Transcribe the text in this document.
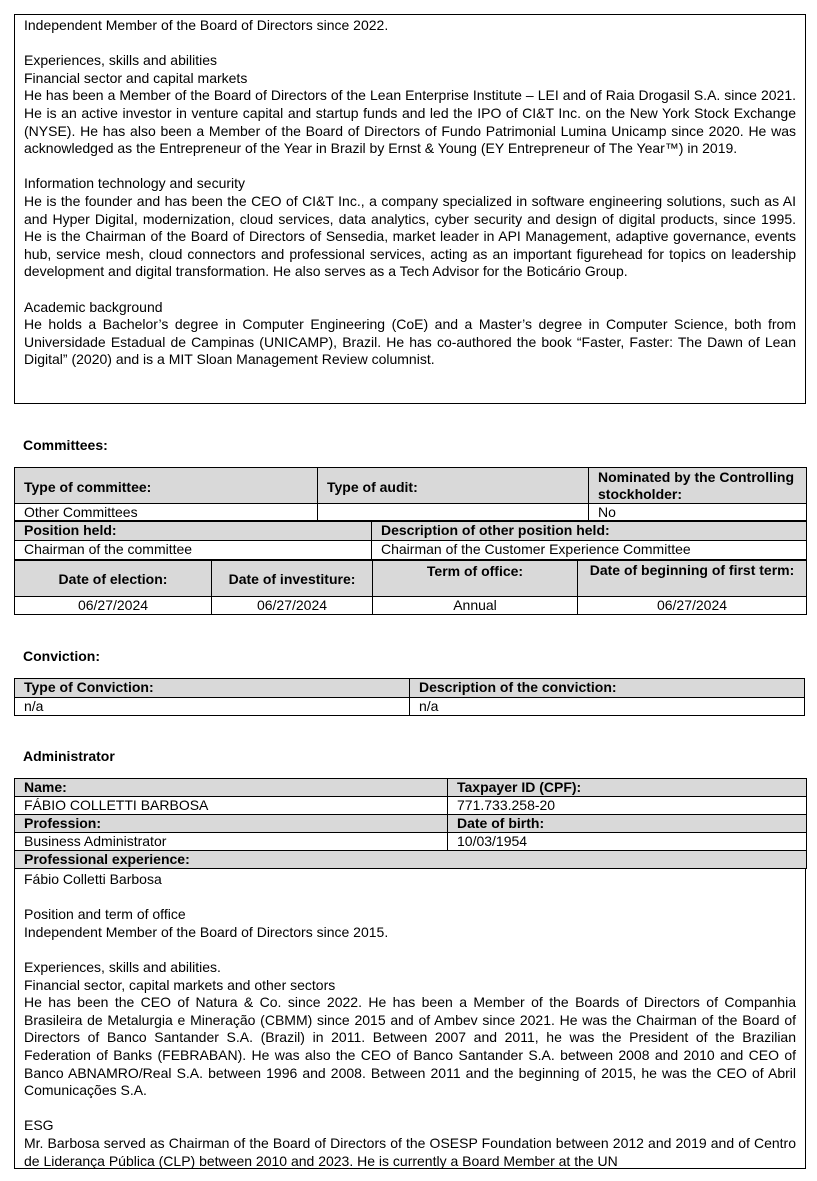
Independent Member of the Board of Directors since 2022.
Experiences, skills and abilities
Financial sector and capital markets
He has been a Member of the Board of Directors of the Lean Enterprise Institute – LEI and of Raia Drogasil S.A. since 2021. He is an active investor in venture capital and startup funds and led the IPO of CI&T Inc. on the New York Stock Exchange (NYSE). He has also been a Member of the Board of Directors of Fundo Patrimonial Lumina Unicamp since 2020. He was acknowledged as the Entrepreneur of the Year in Brazil by Ernst & Young (EY Entrepreneur of The Year™) in 2019.
Information technology and security
He is the founder and has been the CEO of CI&T Inc., a company specialized in software engineering solutions, such as AI and Hyper Digital, modernization, cloud services, data analytics, cyber security and design of digital products, since 1995. He is the Chairman of the Board of Directors of Sensedia, market leader in API Management, adaptive governance, events hub, service mesh, cloud connectors and professional services, acting as an important figurehead for topics on leadership development and digital transformation. He also serves as a Tech Advisor for the Boticário Group.
Academic background
He holds a Bachelor’s degree in Computer Engineering (CoE) and a Master’s degree in Computer Science, both from Universidade Estadual de Campinas (UNICAMP), Brazil. He has co-authored the book “Faster, Faster: The Dawn of Lean Digital” (2020) and is a MIT Sloan Management Review columnist.
Committees:
Type of committee:	Type of audit:	Nominated by the Controlling stockholder:
Other Committees		No
Position held:	Description of other position held:
Chairman of the committee	Chairman of the Customer Experience Committee
Date of election:	Date of investiture:	Term of office:	Date of beginning of first term:
06/27/2024	06/27/2024	Annual	06/27/2024
Conviction:
Type of Conviction:	Description of the conviction:
n/a	n/a
Administrator
Name:	Taxpayer ID (CPF):
FÁBIO COLLETTI BARBOSA	771.733.258-20
Profession:	Date of birth:
Business Administrator	10/03/1954
Professional experience:	
Fábio Colletti Barbosa
Position and term of office
Independent Member of the Board of Directors since 2015.
Experiences, skills and abilities.
Financial sector, capital markets and other sectors
He has been the CEO of Natura & Co. since 2022. He has been a Member of the Boards of Directors of Companhia Brasileira de Metalurgia e Mineração (CBMM) since 2015 and of Ambev since 2021. He was the Chairman of the Board of Directors of Banco Santander S.A. (Brazil) in 2011. Between 2007 and 2011, he was the President of the Brazilian Federation of Banks (FEBRABAN). He was also the CEO of Banco Santander S.A. between 2008 and 2010 and CEO of Banco ABNAMRO/Real S.A. between 1996 and 2008. Between 2011 and the beginning of 2015, he was the CEO of Abril Comunicações S.A.
ESG
Mr. Barbosa served as Chairman of the Board of Directors of the OSESP Foundation between 2012 and 2019 and of Centro de Liderança Pública (CLP) between 2010 and 2023. He is currently a Board Member at the UN
